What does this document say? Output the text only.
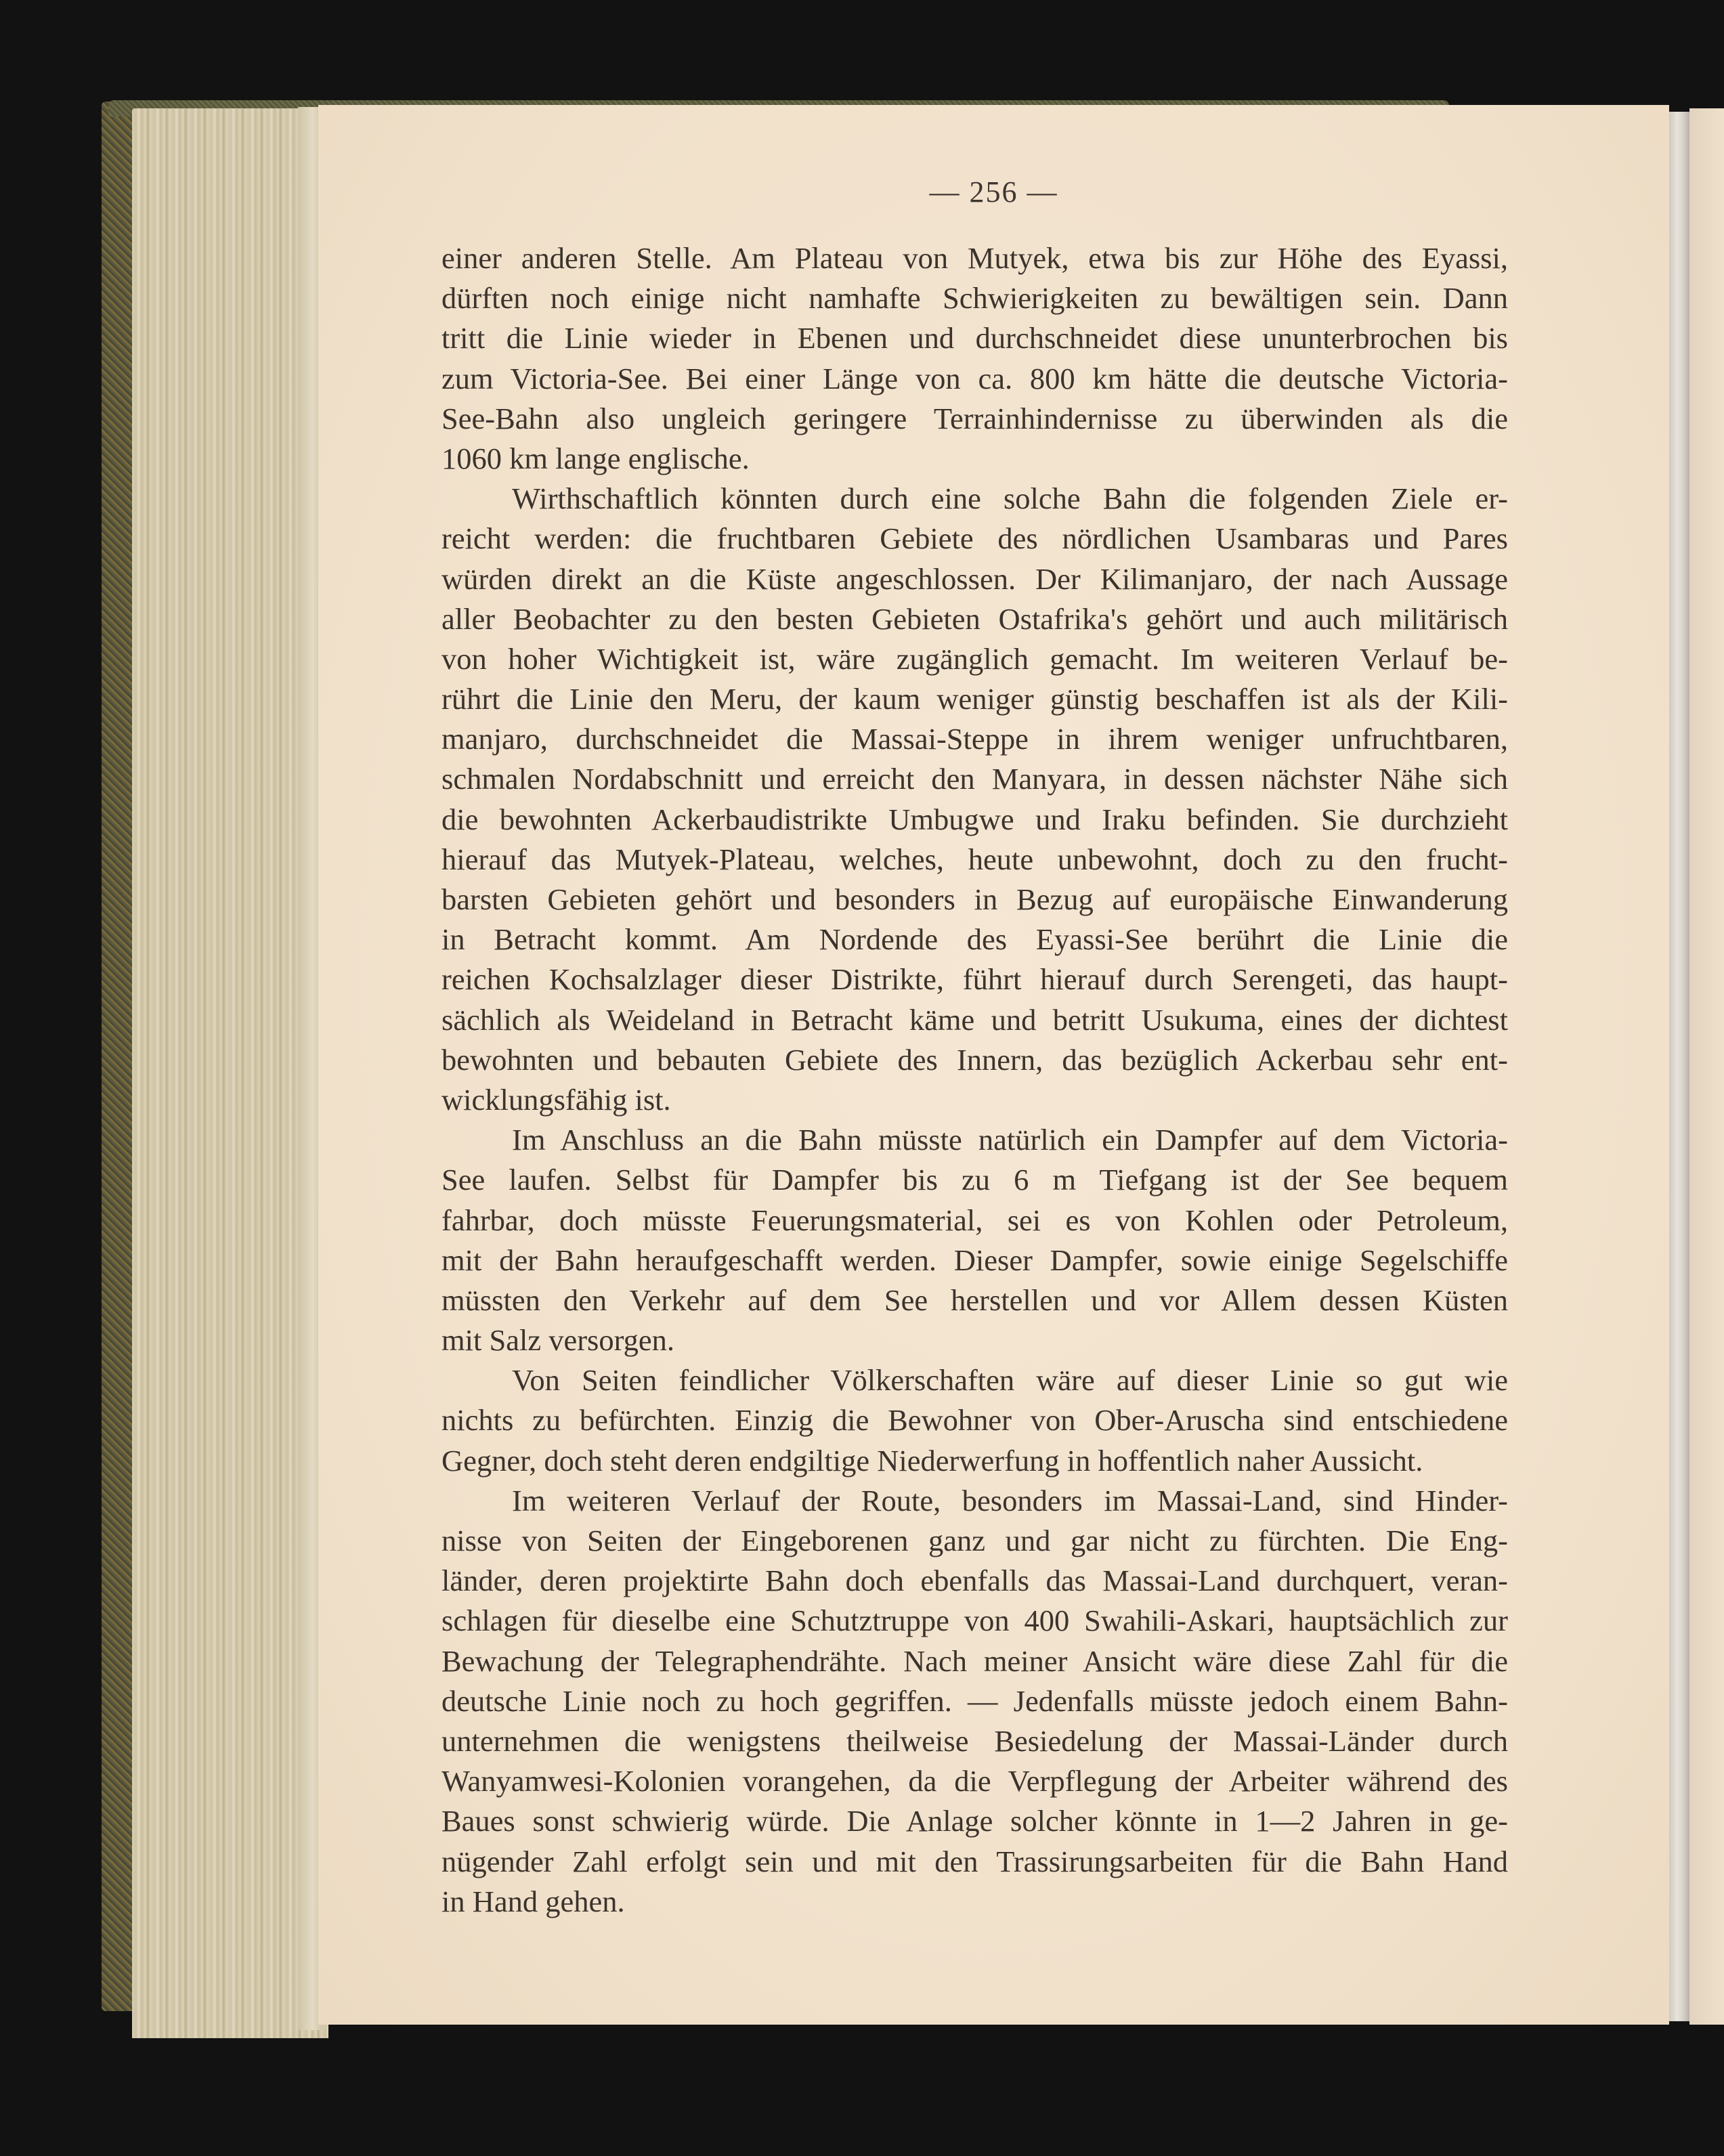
— 256 —
einer anderen Stelle. Am Plateau von Mutyek, etwa bis zur Höhe des Eyassi,
dürften noch einige nicht namhafte Schwierigkeiten zu bewältigen sein. Dann
tritt die Linie wieder in Ebenen und durchschneidet diese ununterbrochen bis
zum Victoria-See. Bei einer Länge von ca. 800 km hätte die deutsche Victoria-
See-Bahn also ungleich geringere Terrainhindernisse zu überwinden als die
1060 km lange englische.
Wirthschaftlich könnten durch eine solche Bahn die folgenden Ziele er-
reicht werden: die fruchtbaren Gebiete des nördlichen Usambaras und Pares
würden direkt an die Küste angeschlossen. Der Kilimanjaro, der nach Aussage
aller Beobachter zu den besten Gebieten Ostafrika's gehört und auch militärisch
von hoher Wichtigkeit ist, wäre zugänglich gemacht. Im weiteren Verlauf be-
rührt die Linie den Meru, der kaum weniger günstig beschaffen ist als der Kili-
manjaro, durchschneidet die Massai-Steppe in ihrem weniger unfruchtbaren,
schmalen Nordabschnitt und erreicht den Manyara, in dessen nächster Nähe sich
die bewohnten Ackerbaudistrikte Umbugwe und Iraku befinden. Sie durchzieht
hierauf das Mutyek-Plateau, welches, heute unbewohnt, doch zu den frucht-
barsten Gebieten gehört und besonders in Bezug auf europäische Einwanderung
in Betracht kommt. Am Nordende des Eyassi-See berührt die Linie die
reichen Kochsalzlager dieser Distrikte, führt hierauf durch Serengeti, das haupt-
sächlich als Weideland in Betracht käme und betritt Usukuma, eines der dichtest
bewohnten und bebauten Gebiete des Innern, das bezüglich Ackerbau sehr ent-
wicklungsfähig ist.
Im Anschluss an die Bahn müsste natürlich ein Dampfer auf dem Victoria-
See laufen. Selbst für Dampfer bis zu 6 m Tiefgang ist der See bequem
fahrbar, doch müsste Feuerungsmaterial, sei es von Kohlen oder Petroleum,
mit der Bahn heraufgeschafft werden. Dieser Dampfer, sowie einige Segelschiffe
müssten den Verkehr auf dem See herstellen und vor Allem dessen Küsten
mit Salz versorgen.
Von Seiten feindlicher Völkerschaften wäre auf dieser Linie so gut wie
nichts zu befürchten. Einzig die Bewohner von Ober-Aruscha sind entschiedene
Gegner, doch steht deren endgiltige Niederwerfung in hoffentlich naher Aussicht.
Im weiteren Verlauf der Route, besonders im Massai-Land, sind Hinder-
nisse von Seiten der Eingeborenen ganz und gar nicht zu fürchten. Die Eng-
länder, deren projektirte Bahn doch ebenfalls das Massai-Land durchquert, veran-
schlagen für dieselbe eine Schutztruppe von 400 Swahili-Askari, hauptsächlich zur
Bewachung der Telegraphendrähte. Nach meiner Ansicht wäre diese Zahl für die
deutsche Linie noch zu hoch gegriffen. — Jedenfalls müsste jedoch einem Bahn-
unternehmen die wenigstens theilweise Besiedelung der Massai-Länder durch
Wanyamwesi-Kolonien vorangehen, da die Verpflegung der Arbeiter während des
Baues sonst schwierig würde. Die Anlage solcher könnte in 1—2 Jahren in ge-
nügender Zahl erfolgt sein und mit den Trassirungsarbeiten für die Bahn Hand
in Hand gehen.
